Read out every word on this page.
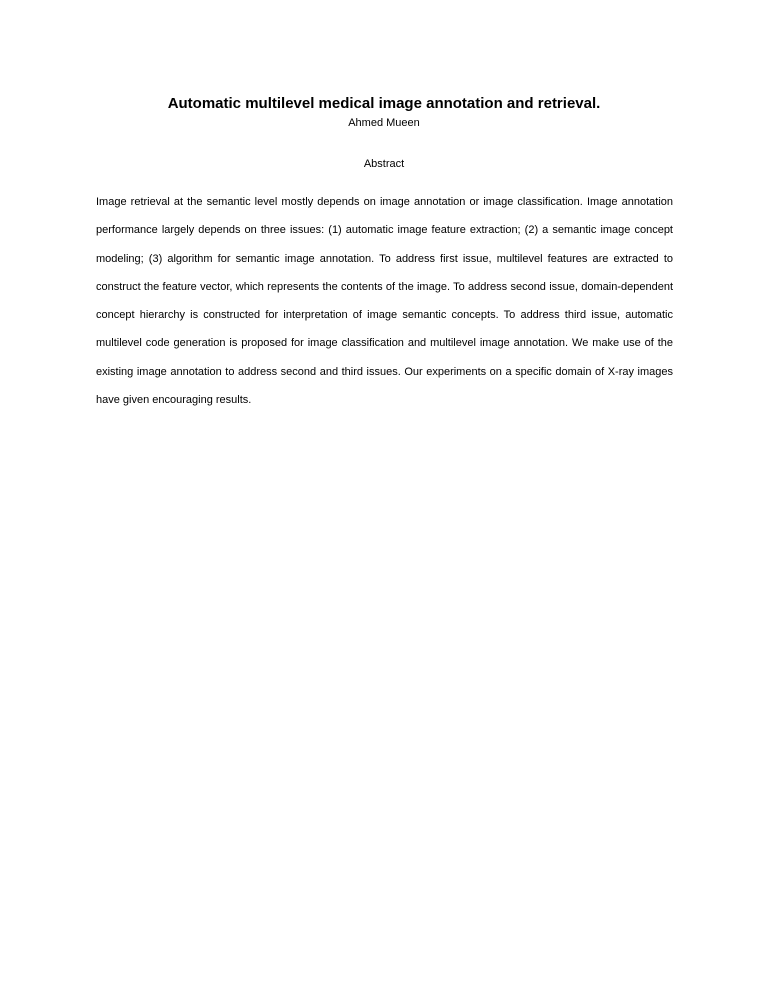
Automatic multilevel medical image annotation and retrieval.

Ahmed Mueen

Abstract

Image retrieval at the semantic level mostly depends on image annotation or image classification. Image annotation performance largely depends on three issues: (1) automatic image feature extraction; (2) a semantic image concept modeling; (3) algorithm for semantic image annotation. To address first issue, multilevel features are extracted to construct the feature vector, which represents the contents of the image. To address second issue, domain-dependent concept hierarchy is constructed for interpretation of image semantic concepts. To address third issue, automatic multilevel code generation is proposed for image classification and multilevel image annotation. We make use of the existing image annotation to address second and third issues. Our experiments on a specific domain of X-ray images have given encouraging results.
